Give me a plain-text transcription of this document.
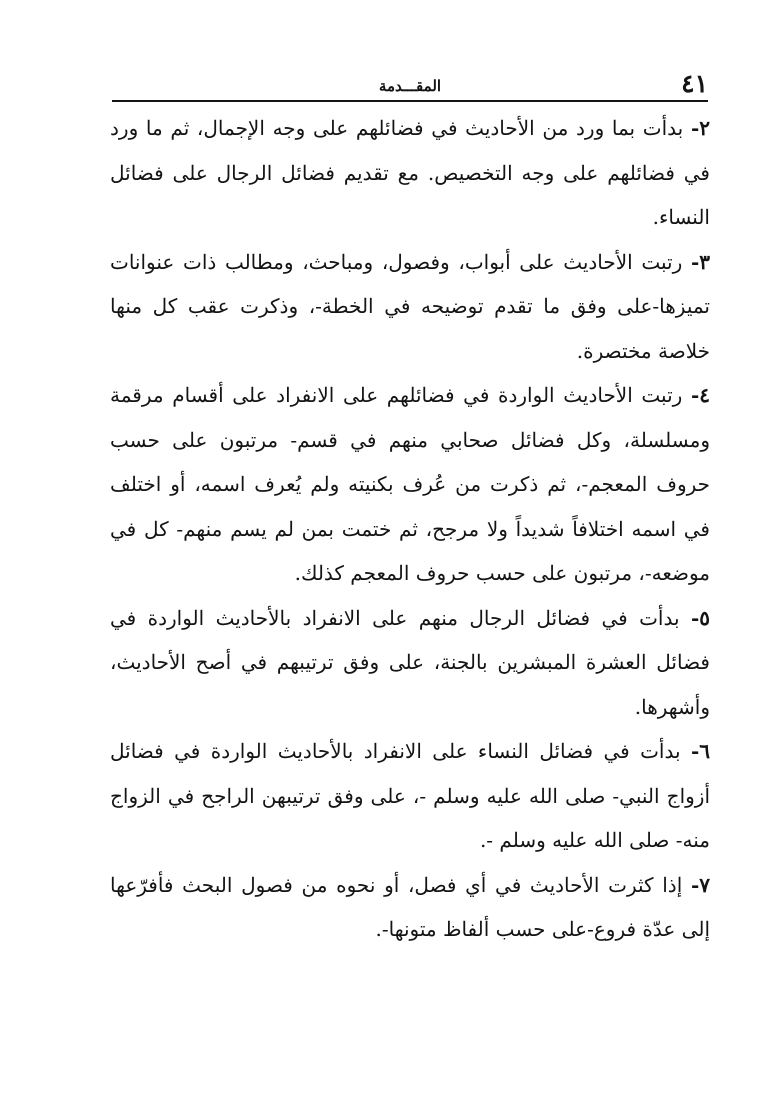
٤١
المقـــدمة

٢- بدأت بما ورد من الأحاديث في فضائلهم على وجه الإجمال، ثم ما ورد في فضائلهم على وجه التخصيص. مع تقديم فضائل الرجال على فضائل النساء.

٣- رتبت الأحاديث على أبواب، وفصول، ومباحث، ومطالب ذات عنوانات تميزها-على وفق ما تقدم توضيحه في الخطة-، وذكرت عقب كل منها خلاصة مختصرة.

٤- رتبت الأحاديث الواردة في فضائلهم على الانفراد على أقسام مرقمة ومسلسلة، وكل فضائل صحابي منهم في قسم- مرتبون على حسب حروف المعجم-، ثم ذكرت من عُرف بكنيته ولم يُعرف اسمه، أو اختلف في اسمه اختلافاً شديداً ولا مرجح، ثم ختمت بمن لم يسم منهم- كل في موضعه-، مرتبون على حسب حروف المعجم كذلك.

٥- بدأت في فضائل الرجال منهم على الانفراد بالأحاديث الواردة في فضائل العشرة المبشرين بالجنة، على وفق ترتيبهم في أصح الأحاديث، وأشهرها.

٦- بدأت في فضائل النساء على الانفراد بالأحاديث الواردة في فضائل أزواج النبي- صلى الله عليه وسلم -، على وفق ترتيبهن الراجح في الزواج منه- صلى الله عليه وسلم -.

٧- إذا كثرت الأحاديث في أي فصل، أو نحوه من فصول البحث فأفرّعها إلى عدّة فروع-على حسب ألفاظ متونها-.
